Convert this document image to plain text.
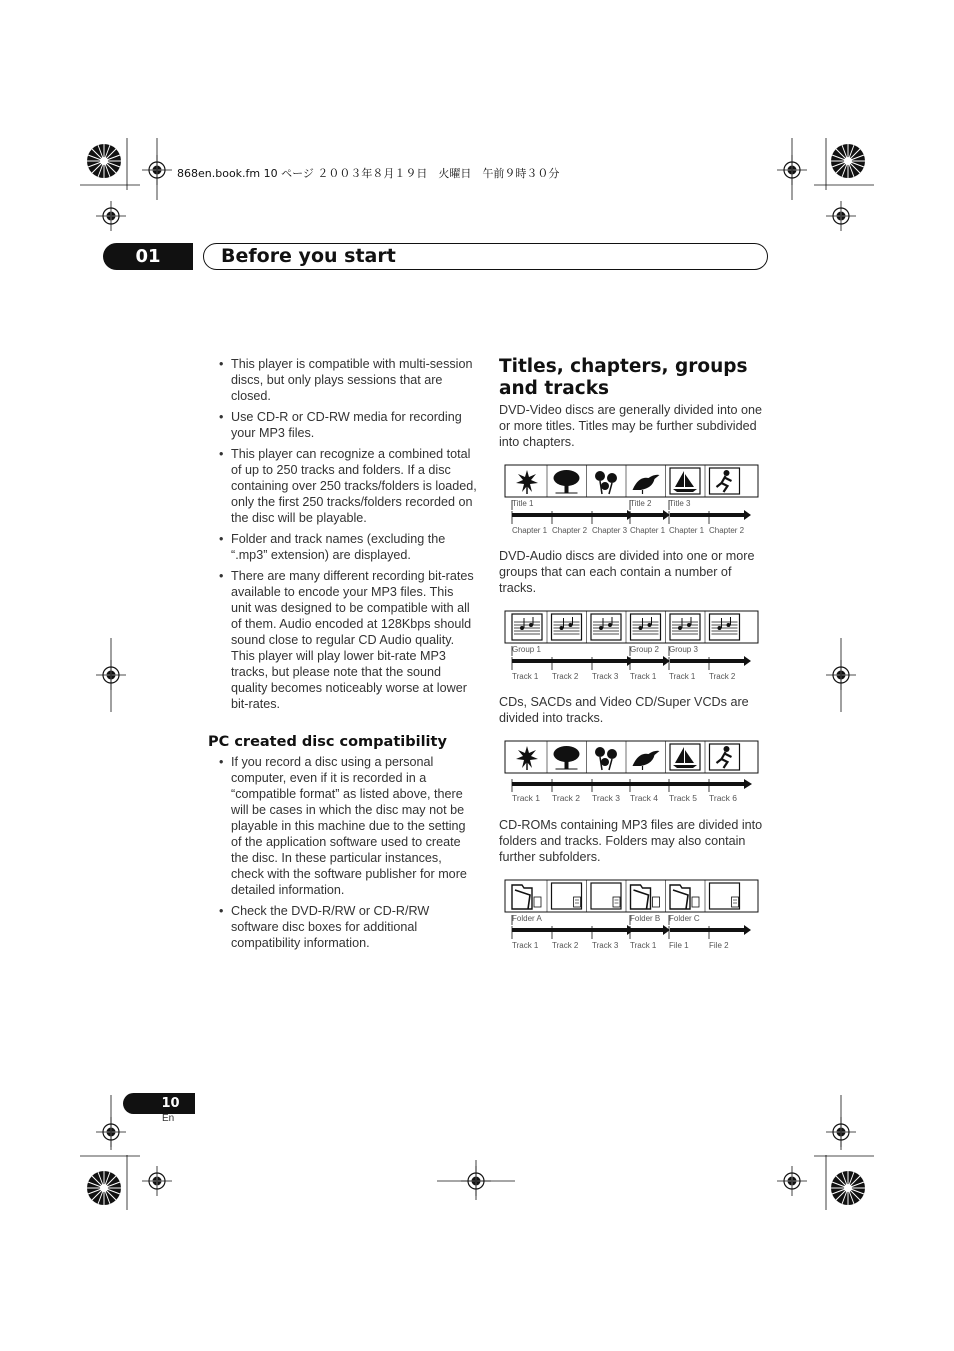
868en.book.fm 10 ページ ２００３年８月１９日　火曜日　午前９時３０分
01	Before you start
• This player is compatible with multi-session discs, but only plays sessions that are closed.
• Use CD-R or CD-RW media for recording your MP3 files.
• This player can recognize a combined total of up to 250 tracks and folders. If a disc containing over 250 tracks/folders is loaded, only the first 250 tracks/folders recorded on the disc will be playable.
• Folder and track names (excluding the “.mp3” extension) are displayed.
• There are many different recording bit-rates available to encode your MP3 files. This unit was designed to be compatible with all of them. Audio encoded at 128Kbps should sound close to regular CD Audio quality. This player will play lower bit-rate MP3 tracks, but please note that the sound quality becomes noticeably worse at lower bit-rates.
PC created disc compatibility
• If you record a disc using a personal computer, even if it is recorded in a “compatible format” as listed above, there will be cases in which the disc may not be playable in this machine due to the setting of the application software used to create the disc. In these particular instances, check with the software publisher for more detailed information.
• Check the DVD-R/RW or CD-R/RW software disc boxes for additional compatibility information.
Titles, chapters, groups and tracks

DVD-Video discs are generally divided into one or more titles. Titles may be further subdivided into chapters.

DVD-Audio discs are divided into one or more groups that can each contain a number of tracks.

CDs, SACDs and Video CD/Super VCDs are divided into tracks.

CD-ROMs containing MP3 files are divided into folders and tracks. Folders may also contain further subfolders.

Title 1	Title 2 Title 3
Chapter 1 Chapter 2 Chapter 3 Chapter 1 Chapter 1 Chapter 2
Group 1	Group 2 Group 3
Track 1 Track 2 Track 3 Track 1 Track 1 Track 2
Track 1 Track 2 Track 3 Track 4 Track 5 Track 6
Folder A	Folder B Folder C
Track 1 Track 2 Track 3 Track 1 File 1	File 2
10
En
